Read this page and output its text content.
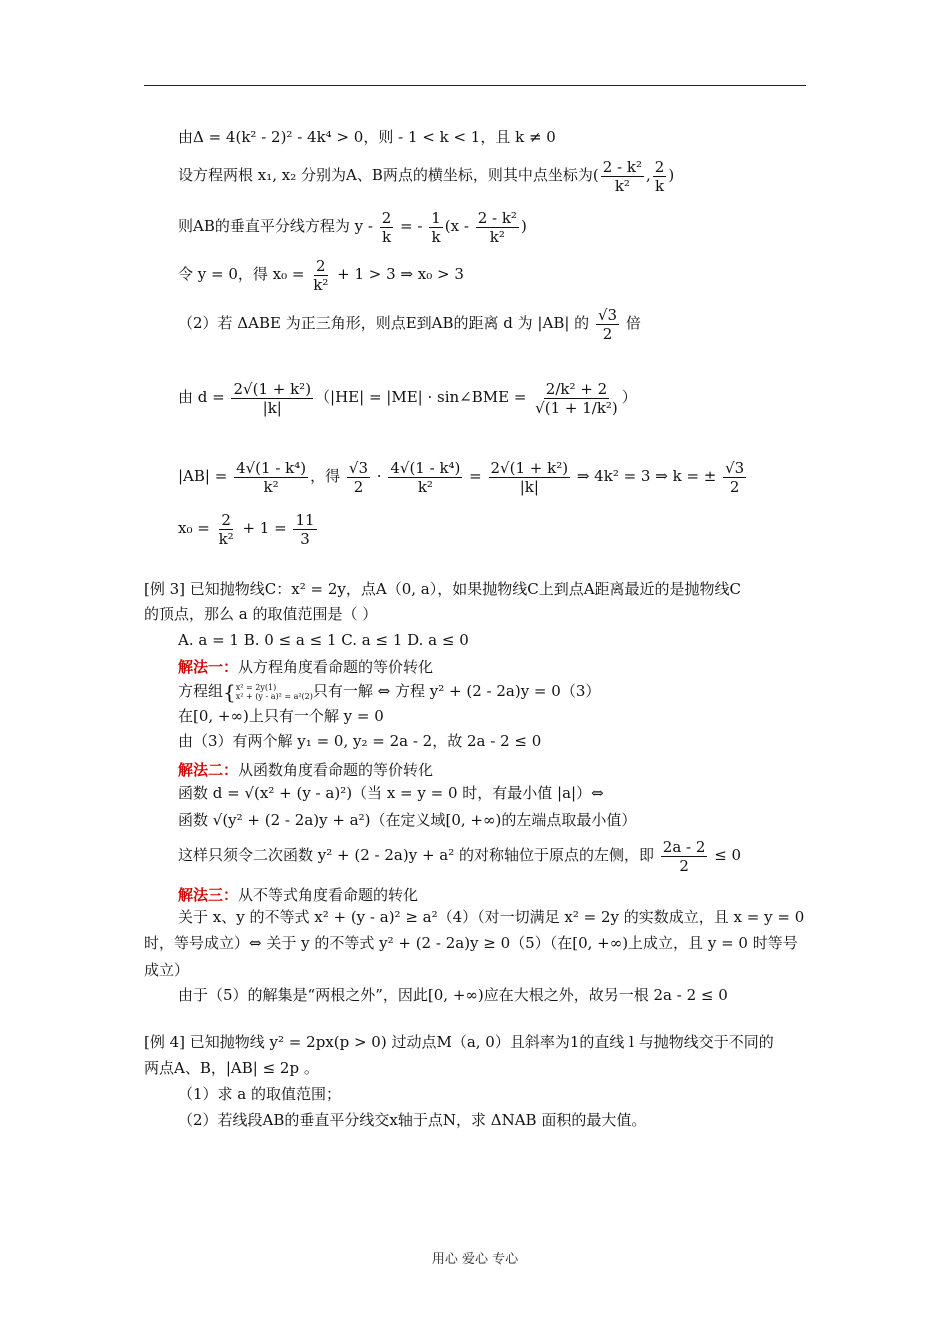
由Δ = 4(k² - 2)² - 4k⁴ > 0，则 - 1 < k < 1，且 k ≠ 0
设方程两根 x₁, x₂ 分别为A、B两点的横坐标，则其中点坐标为( $\frac{\text{2 - k²}}{\text{k²}}$ , $\frac{2}{k}$ )
则AB的垂直平分线方程为 y - $\frac{2}{k}$ = - $\frac{1}{k} (x - \frac{\text{2 - k²}}{\text{k²}}$ )
令 y = 0，得 $x_0 = \frac{2}{\text{k²}} + 1 > 3$ ⇒ x₀ > 3
（2）若 ΔABE 为正三角形，则点E到AB的距离 d 为 |AB| 的 $\frac{√3}{2}$ 倍
由 $d = \frac{\text{2√(1 + k²)}}{|k|} (|HE| = |ME|$ · sin∠BME = $\frac{\text{2/k² + 2}}{\text{√(1 + 1/k²)}}$ ）
$|AB| = \frac{\text{4√(1 - k⁴)}}{\text{k²}}$ ，得 $\frac{√3}{2} \cdot \frac{\text{4√(1 - k⁴)}}{\text{k²}} = \frac{\text{2√(1 + k²)}}{|k|}$ ⇒ 4k² = 3 ⇒ k = ± $\frac{√3}{2}$
$x_0 = \frac{2}{\text{k²}} + 1 = \frac{11}{3}$
[例 3] 已知抛物线C：x² = 2y，点A（0, a），如果抛物线C上到点A距离最近的是抛物线C
的顶点，那么 a 的取值范围是（ ）
A. a = 1 B. 0 ≤ a ≤ 1 C. a ≤ 1 D. a ≤ 0
解法一：从方程角度看命题的等价转化
方程组{x² = 2y(1)
x² + (y - a)² = a²(2)只有一解 ⇔ 方程 y² + (2 - 2a)y = 0（3）
在[0, +∞)上只有一个解 y = 0
由（3）有两个解 y₁ = 0, y₂ = 2a - 2，故 2a - 2 ≤ 0
解法二：从函数角度看命题的等价转化
函数 d = √(x² + (y - a)²)（当 x = y = 0 时，有最小值 |a|）⇔
函数 √(y² + (2 - 2a)y + a²)（在定义域[0, +∞)的左端点取最小值）
这样只须令二次函数 y² + (2 - 2a)y + a² 的对称轴位于原点的左侧，即 $\frac{2a - 2}{2} \le 0$
解法三：从不等式角度看命题的转化
关于 x、y 的不等式 x² + (y - a)² ≥ a²（4）（对一切满足 x² = 2y 的实数成立，且 x = y = 0
时，等号成立）⇔ 关于 y 的不等式 y² + (2 - 2a)y ≥ 0（5）（在[0, +∞)上成立，且 y = 0 时等号
成立）
由于（5）的解集是“两根之外”，因此[0, +∞)应在大根之外，故另一根 2a - 2 ≤ 0
[例 4] 已知抛物线 y² = 2px(p > 0) 过动点M（a, 0）且斜率为1的直线 l 与抛物线交于不同的
两点A、B，|AB| ≤ 2p 。
（1）求 a 的取值范围；
（2）若线段AB的垂直平分线交x轴于点N，求 ΔNAB 面积的最大值。
用心 爱心 专心
